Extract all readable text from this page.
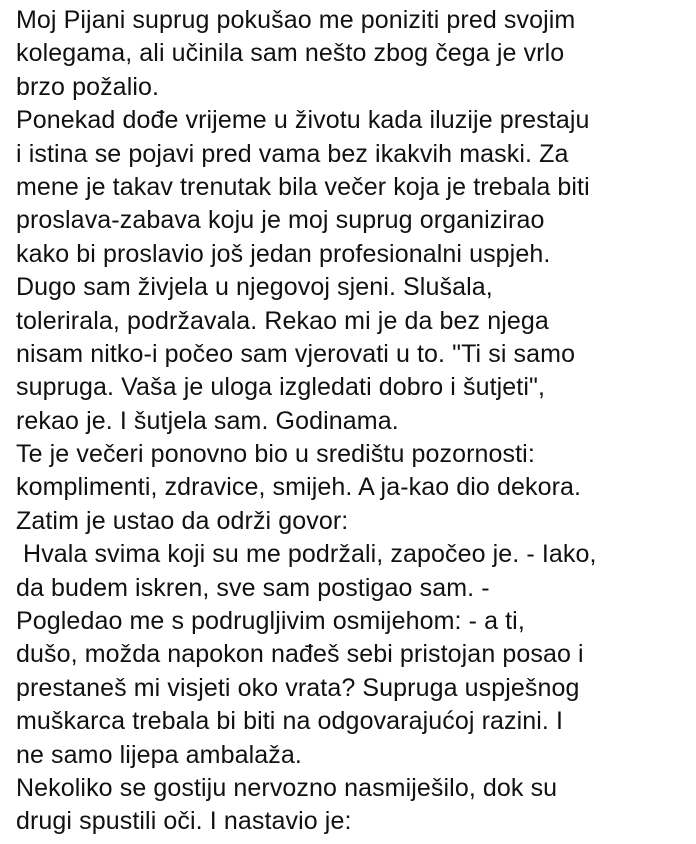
Moj Pijani suprug pokušao me poniziti pred svojim
kolegama, ali učinila sam nešto zbog čega je vrlo
brzo požalio.
Ponekad dođe vrijeme u životu kada iluzije prestaju
i istina se pojavi pred vama bez ikakvih maski. Za
mene je takav trenutak bila večer koja je trebala biti
proslava-zabava koju je moj suprug organizirao
kako bi proslavio još jedan profesionalni uspjeh.
Dugo sam živjela u njegovoj sjeni. Slušala,
tolerirala, podržavala. Rekao mi je da bez njega
nisam nitko-i počeo sam vjerovati u to. "Ti si samo
supruga. Vaša je uloga izgledati dobro i šutjeti",
rekao je. I šutjela sam. Godinama.
Te je večeri ponovno bio u središtu pozornosti:
komplimenti, zdravice, smijeh. A ja-kao dio dekora.
Zatim je ustao da održi govor:
Hvala svima koji su me podržali, započeo je. - Iako,
da budem iskren, sve sam postigao sam. -
Pogledao me s podrugljivim osmijehom: - a ti,
dušo, možda napokon nađeš sebi pristojan posao i
prestaneš mi visjeti oko vrata? Supruga uspješnog
muškarca trebala bi biti na odgovarajućoj razini. I
ne samo lijepa ambalaža.
Nekoliko se gostiju nervozno nasmiješilo, dok su
drugi spustili oči. I nastavio je:
